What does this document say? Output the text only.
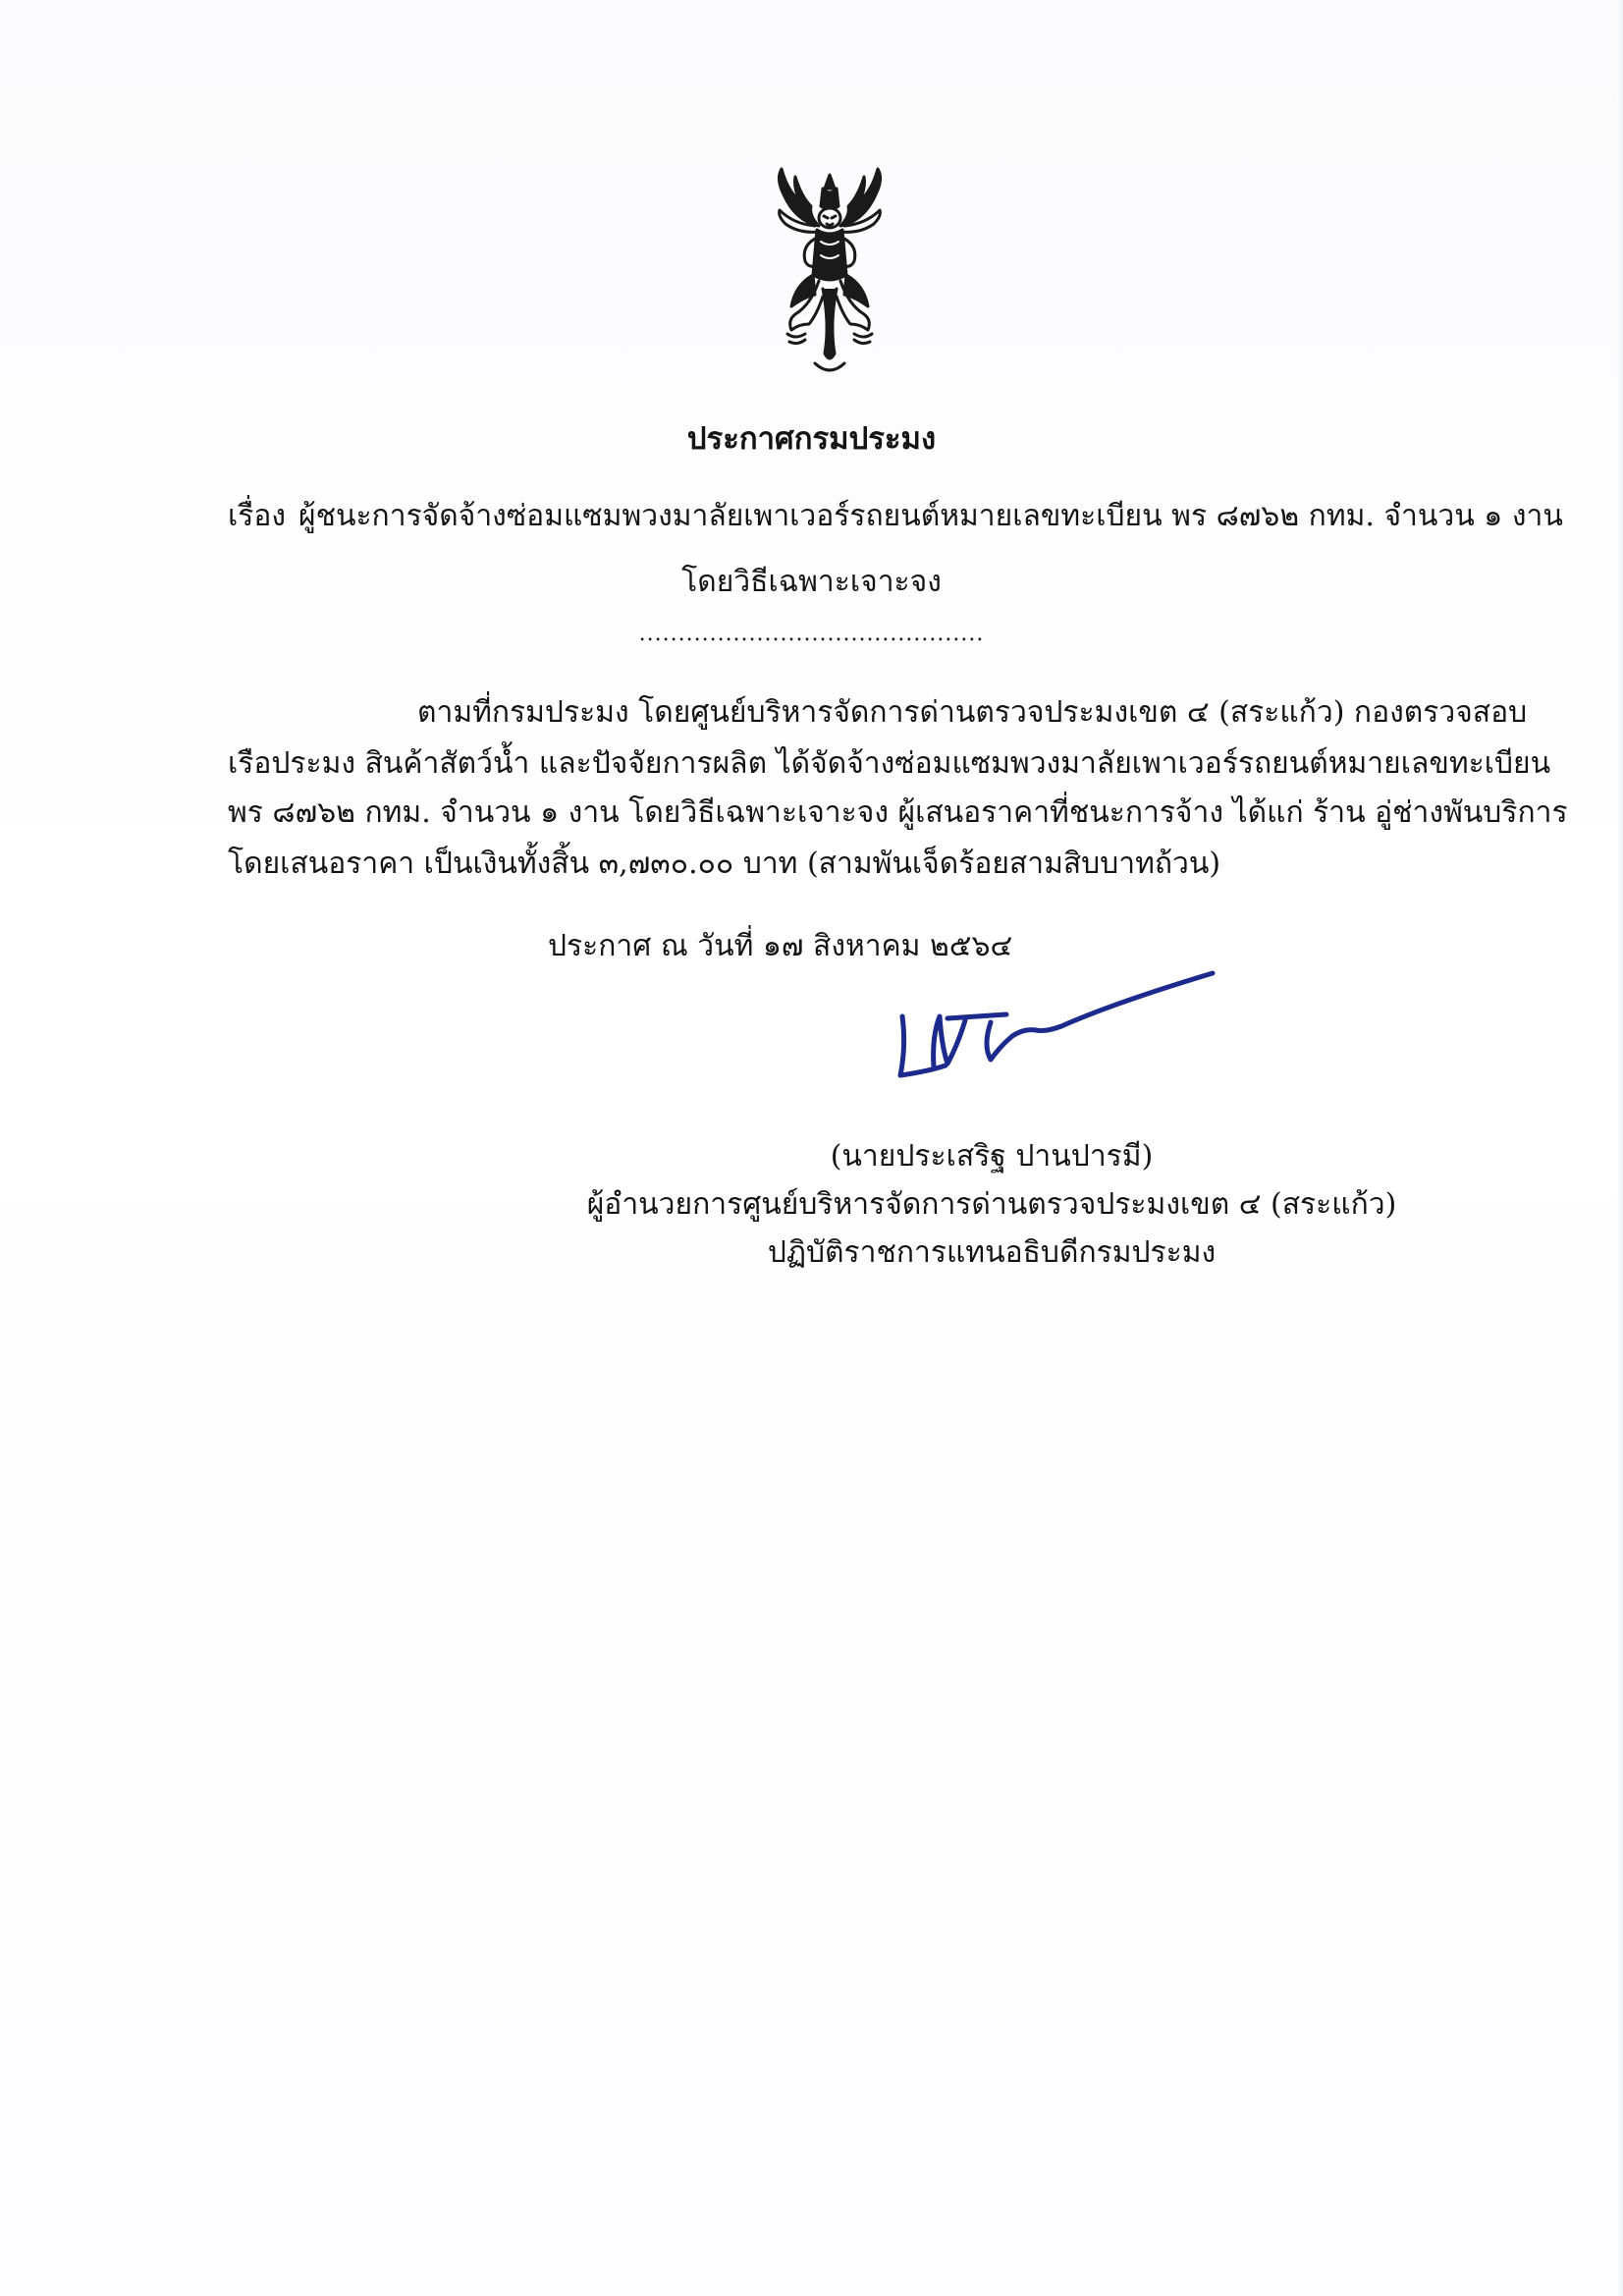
ประกาศกรมประมง
เรื่อง ผู้ชนะการจัดจ้างซ่อมแซมพวงมาลัยเพาเวอร์รถยนต์หมายเลขทะเบียน พร ๘๗๖๒ กทม. จำนวน ๑ งาน
โดยวิธีเฉพาะเจาะจง
............................................
ตามที่กรมประมง โดยศูนย์บริหารจัดการด่านตรวจประมงเขต ๔ (สระแก้ว) กองตรวจสอบ
เรือประมง สินค้าสัตว์น้ำ และปัจจัยการผลิต ได้จัดจ้างซ่อมแซมพวงมาลัยเพาเวอร์รถยนต์หมายเลขทะเบียน
พร ๘๗๖๒ กทม. จำนวน ๑ งาน โดยวิธีเฉพาะเจาะจง ผู้เสนอราคาที่ชนะการจ้าง ได้แก่ ร้าน อู่ช่างพันบริการ
โดยเสนอราคา เป็นเงินทั้งสิ้น ๓,๗๓๐.๐๐ บาท (สามพันเจ็ดร้อยสามสิบบาทถ้วน)
ประกาศ ณ วันที่ ๑๗ สิงหาคม ๒๕๖๔
(นายประเสริฐ ปานปารมี)
ผู้อำนวยการศูนย์บริหารจัดการด่านตรวจประมงเขต ๔ (สระแก้ว)
ปฏิบัติราชการแทนอธิบดีกรมประมง
